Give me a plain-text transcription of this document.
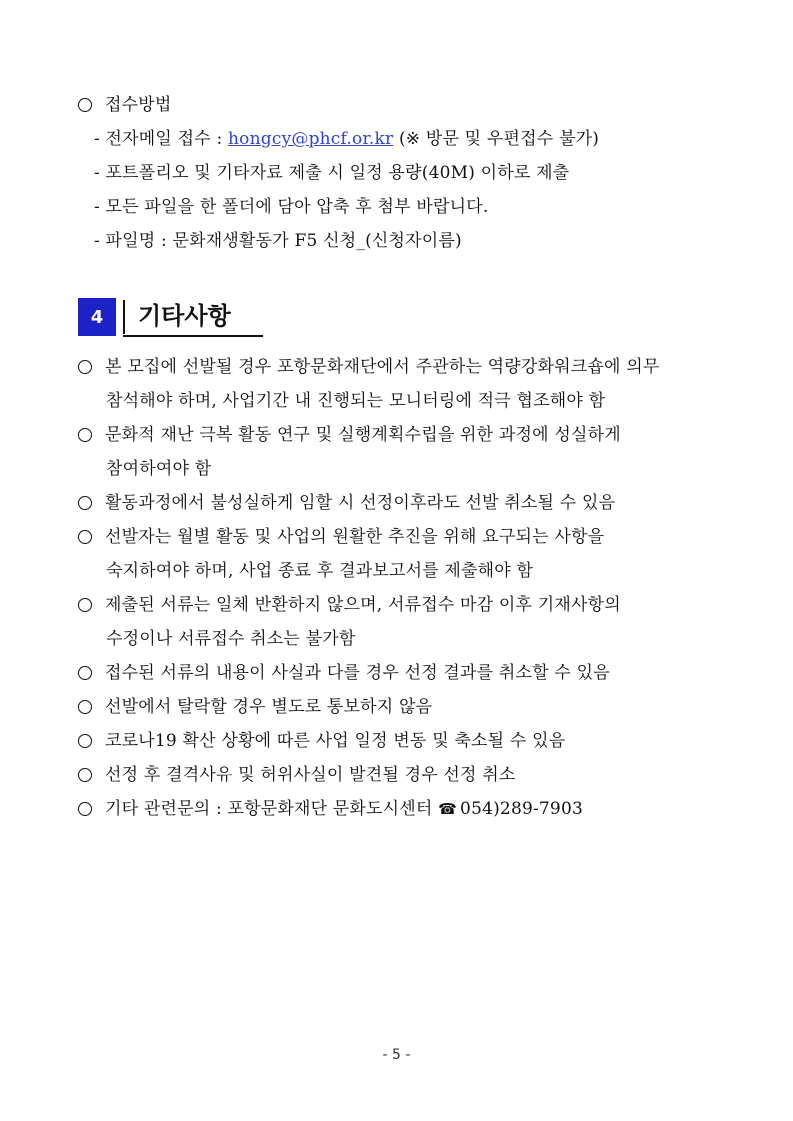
접수방법
- 전자메일 접수 : hongcy@phcf.or.kr (※ 방문 및 우편접수 불가)
- 포트폴리오 및 기타자료 제출 시 일정 용량(40M) 이하로 제출
- 모든 파일을 한 폴더에 담아 압축 후 첨부 바랍니다.
- 파일명 : 문화재생활동가 F5 신청_(신청자이름)
4	기타사항
본 모집에 선발될 경우 포항문화재단에서 주관하는 역량강화워크숍에 의무
참석해야 하며, 사업기간 내 진행되는 모니터링에 적극 협조해야 함
문화적 재난 극복 활동 연구 및 실행계획수립을 위한 과정에 성실하게
참여하여야 함
활동과정에서 불성실하게 임할 시 선정이후라도 선발 취소될 수 있음
선발자는 월별 활동 및 사업의 원활한 추진을 위해 요구되는 사항을
숙지하여야 하며, 사업 종료 후 결과보고서를 제출해야 함
제출된 서류는 일체 반환하지 않으며, 서류접수 마감 이후 기재사항의
수정이나 서류접수 취소는 불가함
접수된 서류의 내용이 사실과 다를 경우 선정 결과를 취소할 수 있음
선발에서 탈락할 경우 별도로 통보하지 않음
코로나19 확산 상황에 따른 사업 일정 변동 및 축소될 수 있음
선정 후 결격사유 및 허위사실이 발견될 경우 선정 취소
기타 관련문의 : 포항문화재단 문화도시센터 ☎ 054)289-7903
- 5 -
